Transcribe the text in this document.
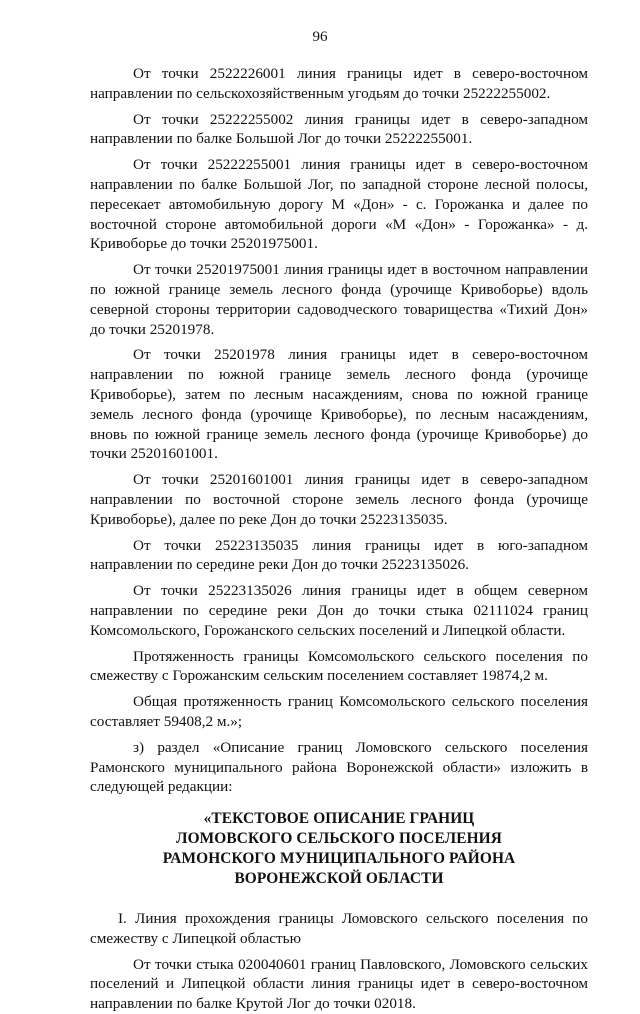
96

От точки 2522226001 линия границы идет в северо-восточном направлении по сельскохозяйственным угодьям до точки 25222255002.

От точки 25222255002 линия границы идет в северо-западном направлении по балке Большой Лог до точки 25222255001.

От точки 25222255001 линия границы идет в северо-восточном направлении по балке Большой Лог, по западной стороне лесной полосы, пересекает автомобильную дорогу М «Дон» - с. Горожанка и далее по восточной стороне автомобильной дороги «М «Дон» - Горожанка» - д. Кривоборье до точки 25201975001.

От точки 25201975001 линия границы идет в восточном направлении по южной границе земель лесного фонда (урочище Кривоборье) вдоль северной стороны территории садоводческого товарищества «Тихий Дон» до точки 25201978.

От точки 25201978 линия границы идет в северо-восточном направлении по южной границе земель лесного фонда (урочище Кривоборье), затем по лесным насаждениям, снова по южной границе земель лесного фонда (урочище Кривоборье), по лесным насаждениям, вновь по южной границе земель лесного фонда (урочище Кривоборье) до точки 25201601001.

От точки 25201601001 линия границы идет в северо-западном направлении по восточной стороне земель лесного фонда (урочище Кривоборье), далее по реке Дон до точки 25223135035.

От точки 25223135035 линия границы идет в юго-западном направлении по середине реки Дон до точки 25223135026.

От точки 25223135026 линия границы идет в общем северном направлении по середине реки Дон до точки стыка 02111024 границ Комсомольского, Горожанского сельских поселений и Липецкой области.

Протяженность границы Комсомольского сельского поселения по смежеству с Горожанским сельским поселением составляет 19874,2 м.

Общая протяженность границ Комсомольского сельского поселения составляет 59408,2 м.»;

з) раздел «Описание границ Ломовского сельского поселения Рамонского муниципального района Воронежской области» изложить в следующей редакции:

«ТЕКСТОВОЕ ОПИСАНИЕ ГРАНИЦ
ЛОМОВСКОГО СЕЛЬСКОГО ПОСЕЛЕНИЯ
РАМОНСКОГО МУНИЦИПАЛЬНОГО РАЙОНА
ВОРОНЕЖСКОЙ ОБЛАСТИ

I. Линия прохождения границы Ломовского сельского поселения по смежеству с Липецкой областью

От точки стыка 020040601 границ Павловского, Ломовского сельских поселений и Липецкой области линия границы идет в северо-восточном направлении по балке Крутой Лог до точки 02018.
